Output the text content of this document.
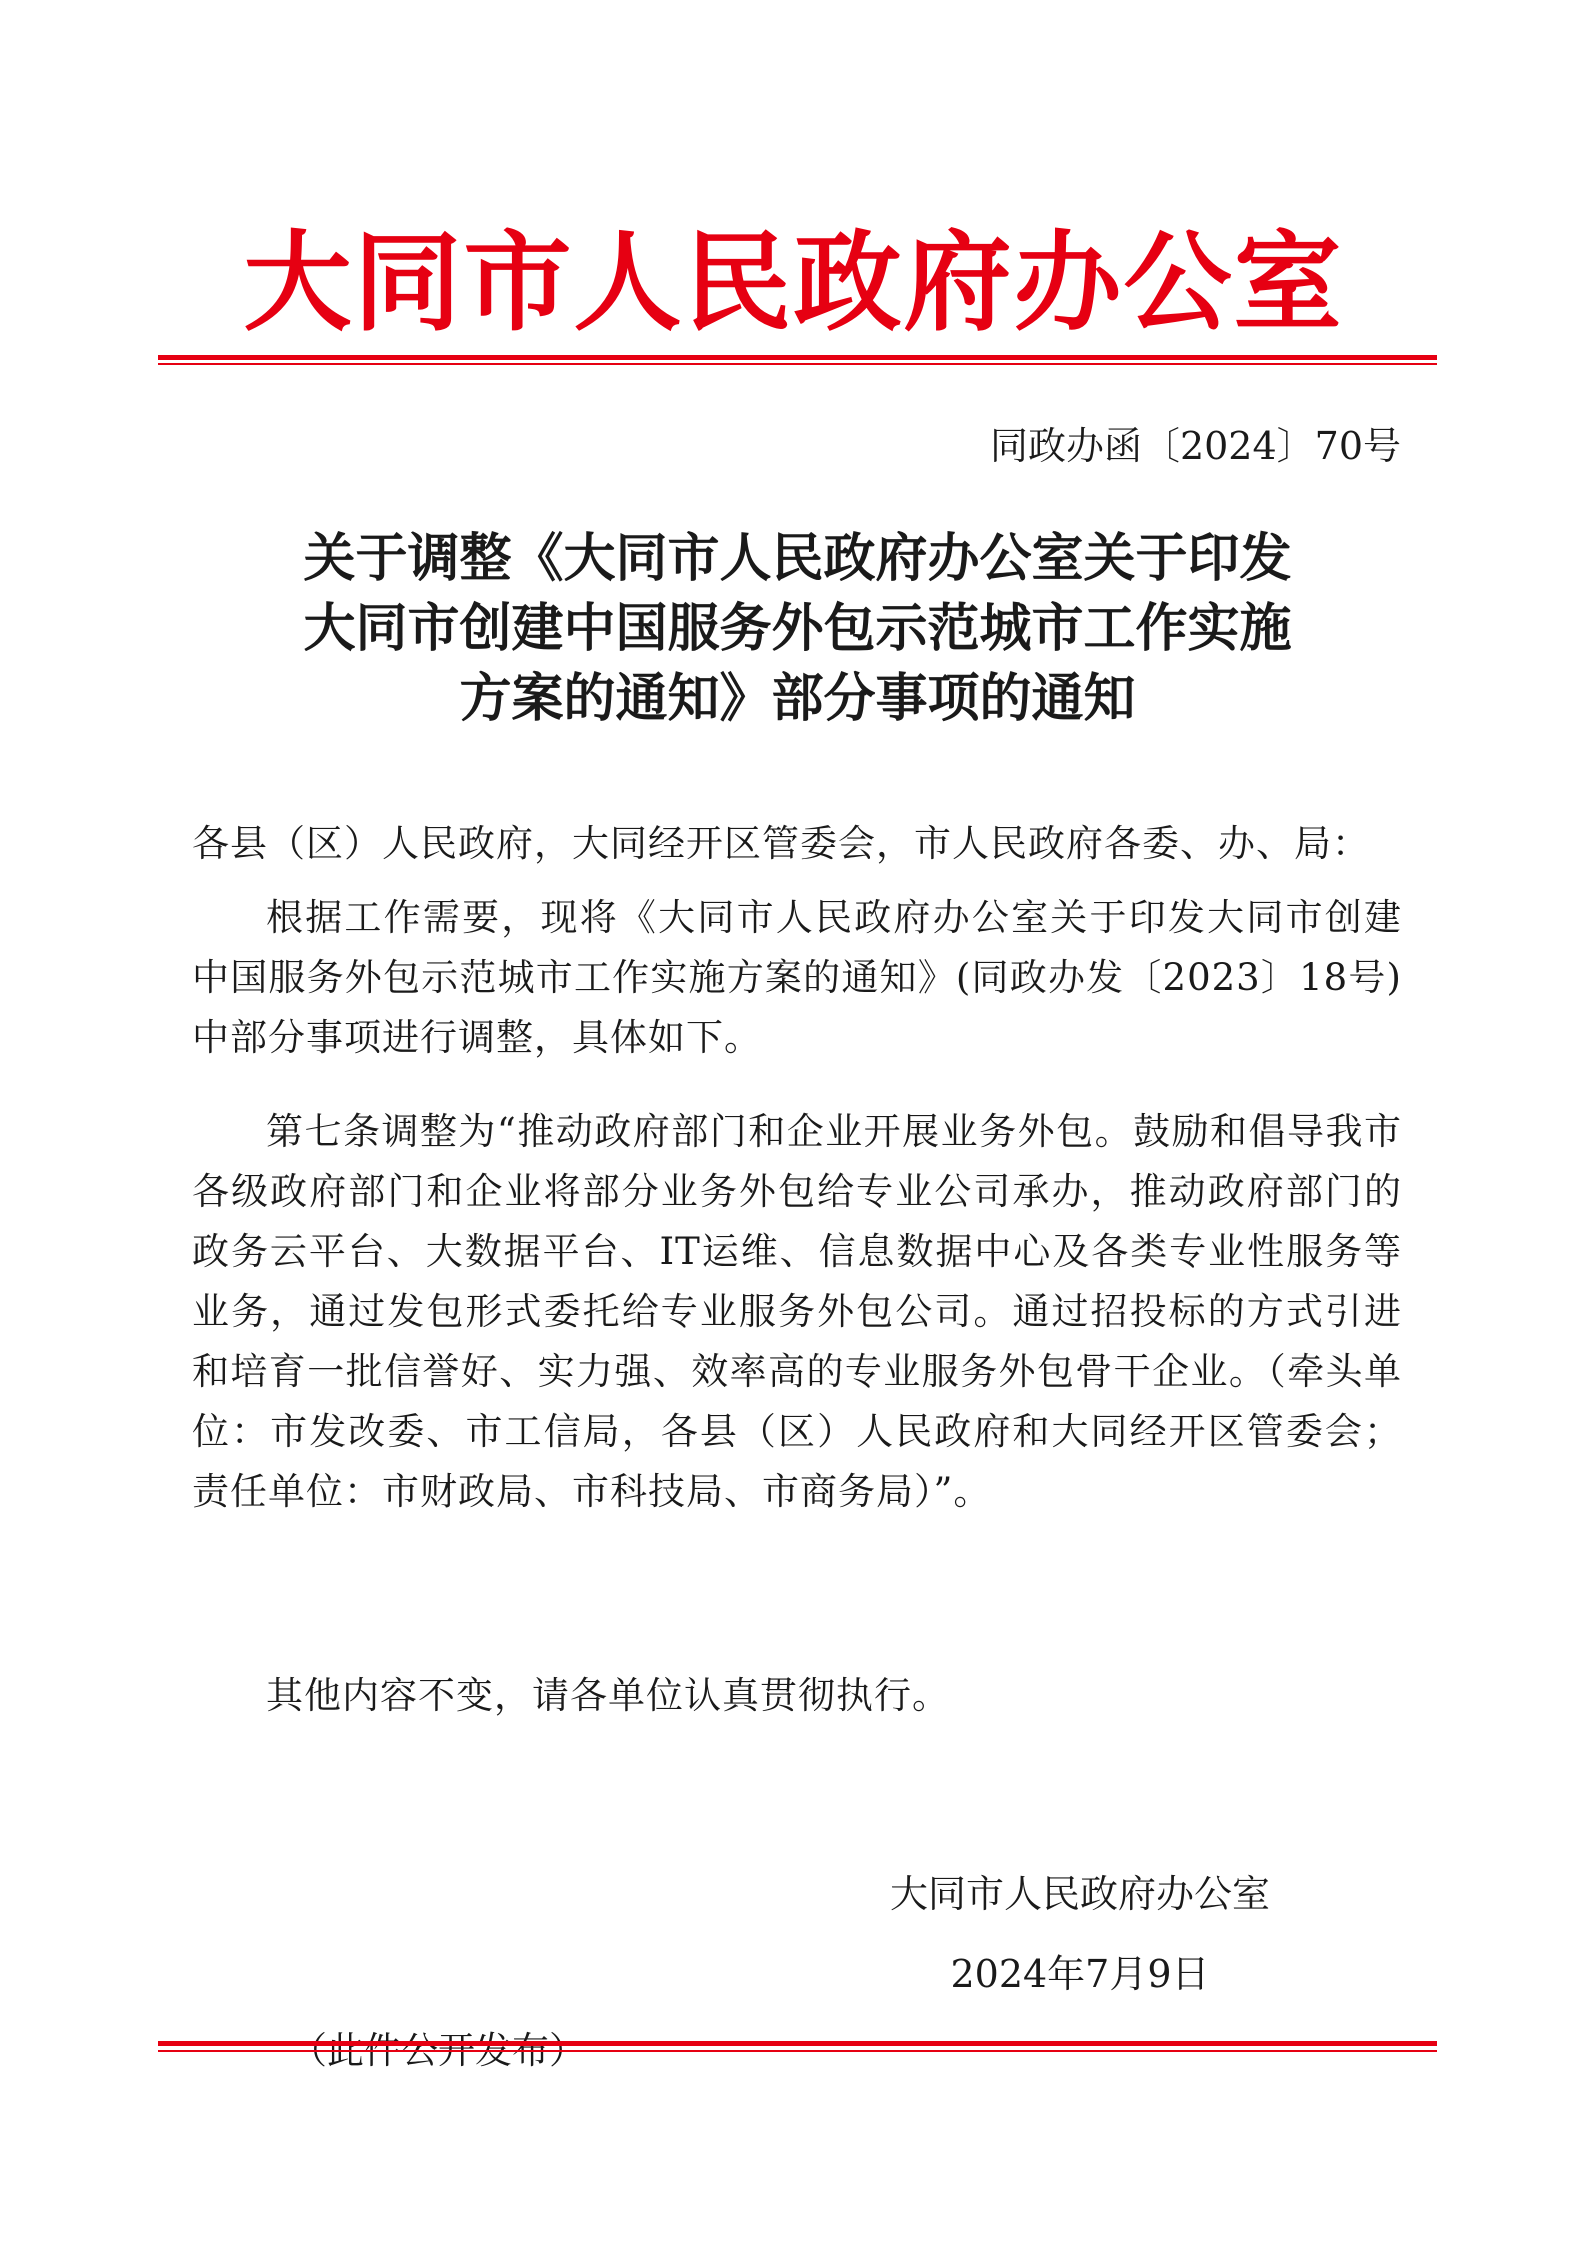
大同市人民政府办公室
同政办函〔2024〕70号
关于调整《大同市人民政府办公室关于印发
大同市创建中国服务外包示范城市工作实施
方案的通知》部分事项的通知
各县（区）人民政府，大同经开区管委会，市人民政府各委、办、局：
根据工作需要，现将《大同市人民政府办公室关于印发大同市创建中国服务外包示范城市工作实施方案的通知》(同政办发〔2023〕18号)中部分事项进行调整，具体如下。
第七条调整为“推动政府部门和企业开展业务外包。鼓励和倡导我市各级政府部门和企业将部分业务外包给专业公司承办，推动政府部门的政务云平台、大数据平台、IT运维、信息数据中心及各类专业性服务等业务，通过发包形式委托给专业服务外包公司。通过招投标的方式引进和培育一批信誉好、实力强、效率高的专业服务外包骨干企业。（牵头单位：市发改委、市工信局，各县（区）人民政府和大同经开区管委会；责任单位：市财政局、市科技局、市商务局）”。
其他内容不变，请各单位认真贯彻执行。
大同市人民政府办公室
2024年7月9日
